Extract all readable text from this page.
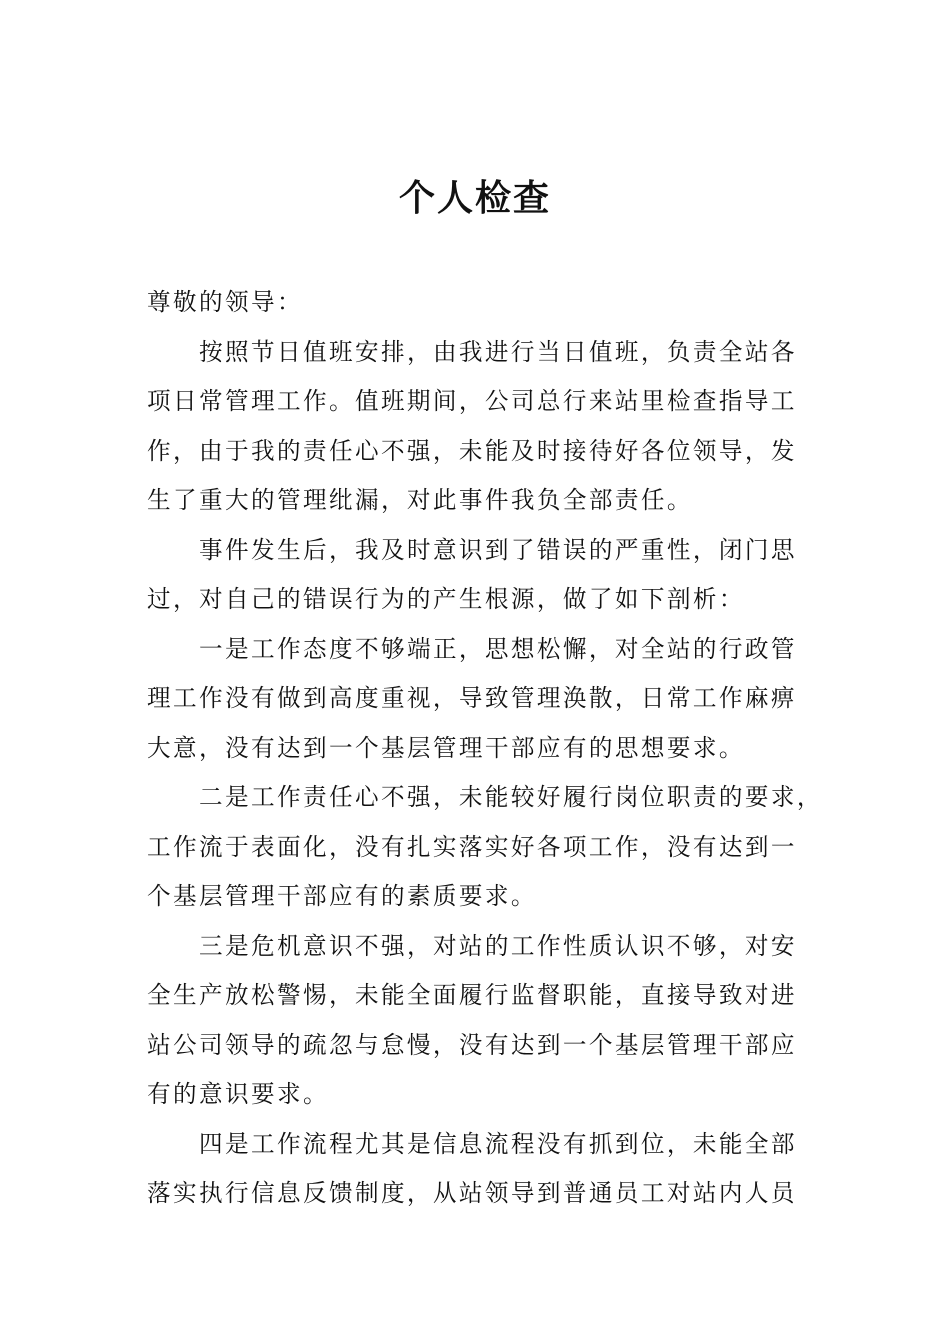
个人检查
尊敬的领导：
按照节日值班安排，由我进行当日值班，负责全站各
项日常管理工作。值班期间，公司总行来站里检查指导工
作，由于我的责任心不强，未能及时接待好各位领导，发
生了重大的管理纰漏，对此事件我负全部责任。
事件发生后，我及时意识到了错误的严重性，闭门思
过，对自己的错误行为的产生根源，做了如下剖析：
一是工作态度不够端正，思想松懈，对全站的行政管
理工作没有做到高度重视，导致管理涣散，日常工作麻痹
大意，没有达到一个基层管理干部应有的思想要求。
二是工作责任心不强，未能较好履行岗位职责的要求，
工作流于表面化，没有扎实落实好各项工作，没有达到一
个基层管理干部应有的素质要求。
三是危机意识不强，对站的工作性质认识不够，对安
全生产放松警惕，未能全面履行监督职能，直接导致对进
站公司领导的疏忽与怠慢，没有达到一个基层管理干部应
有的意识要求。
四是工作流程尤其是信息流程没有抓到位，未能全部
落实执行信息反馈制度，从站领导到普通员工对站内人员
